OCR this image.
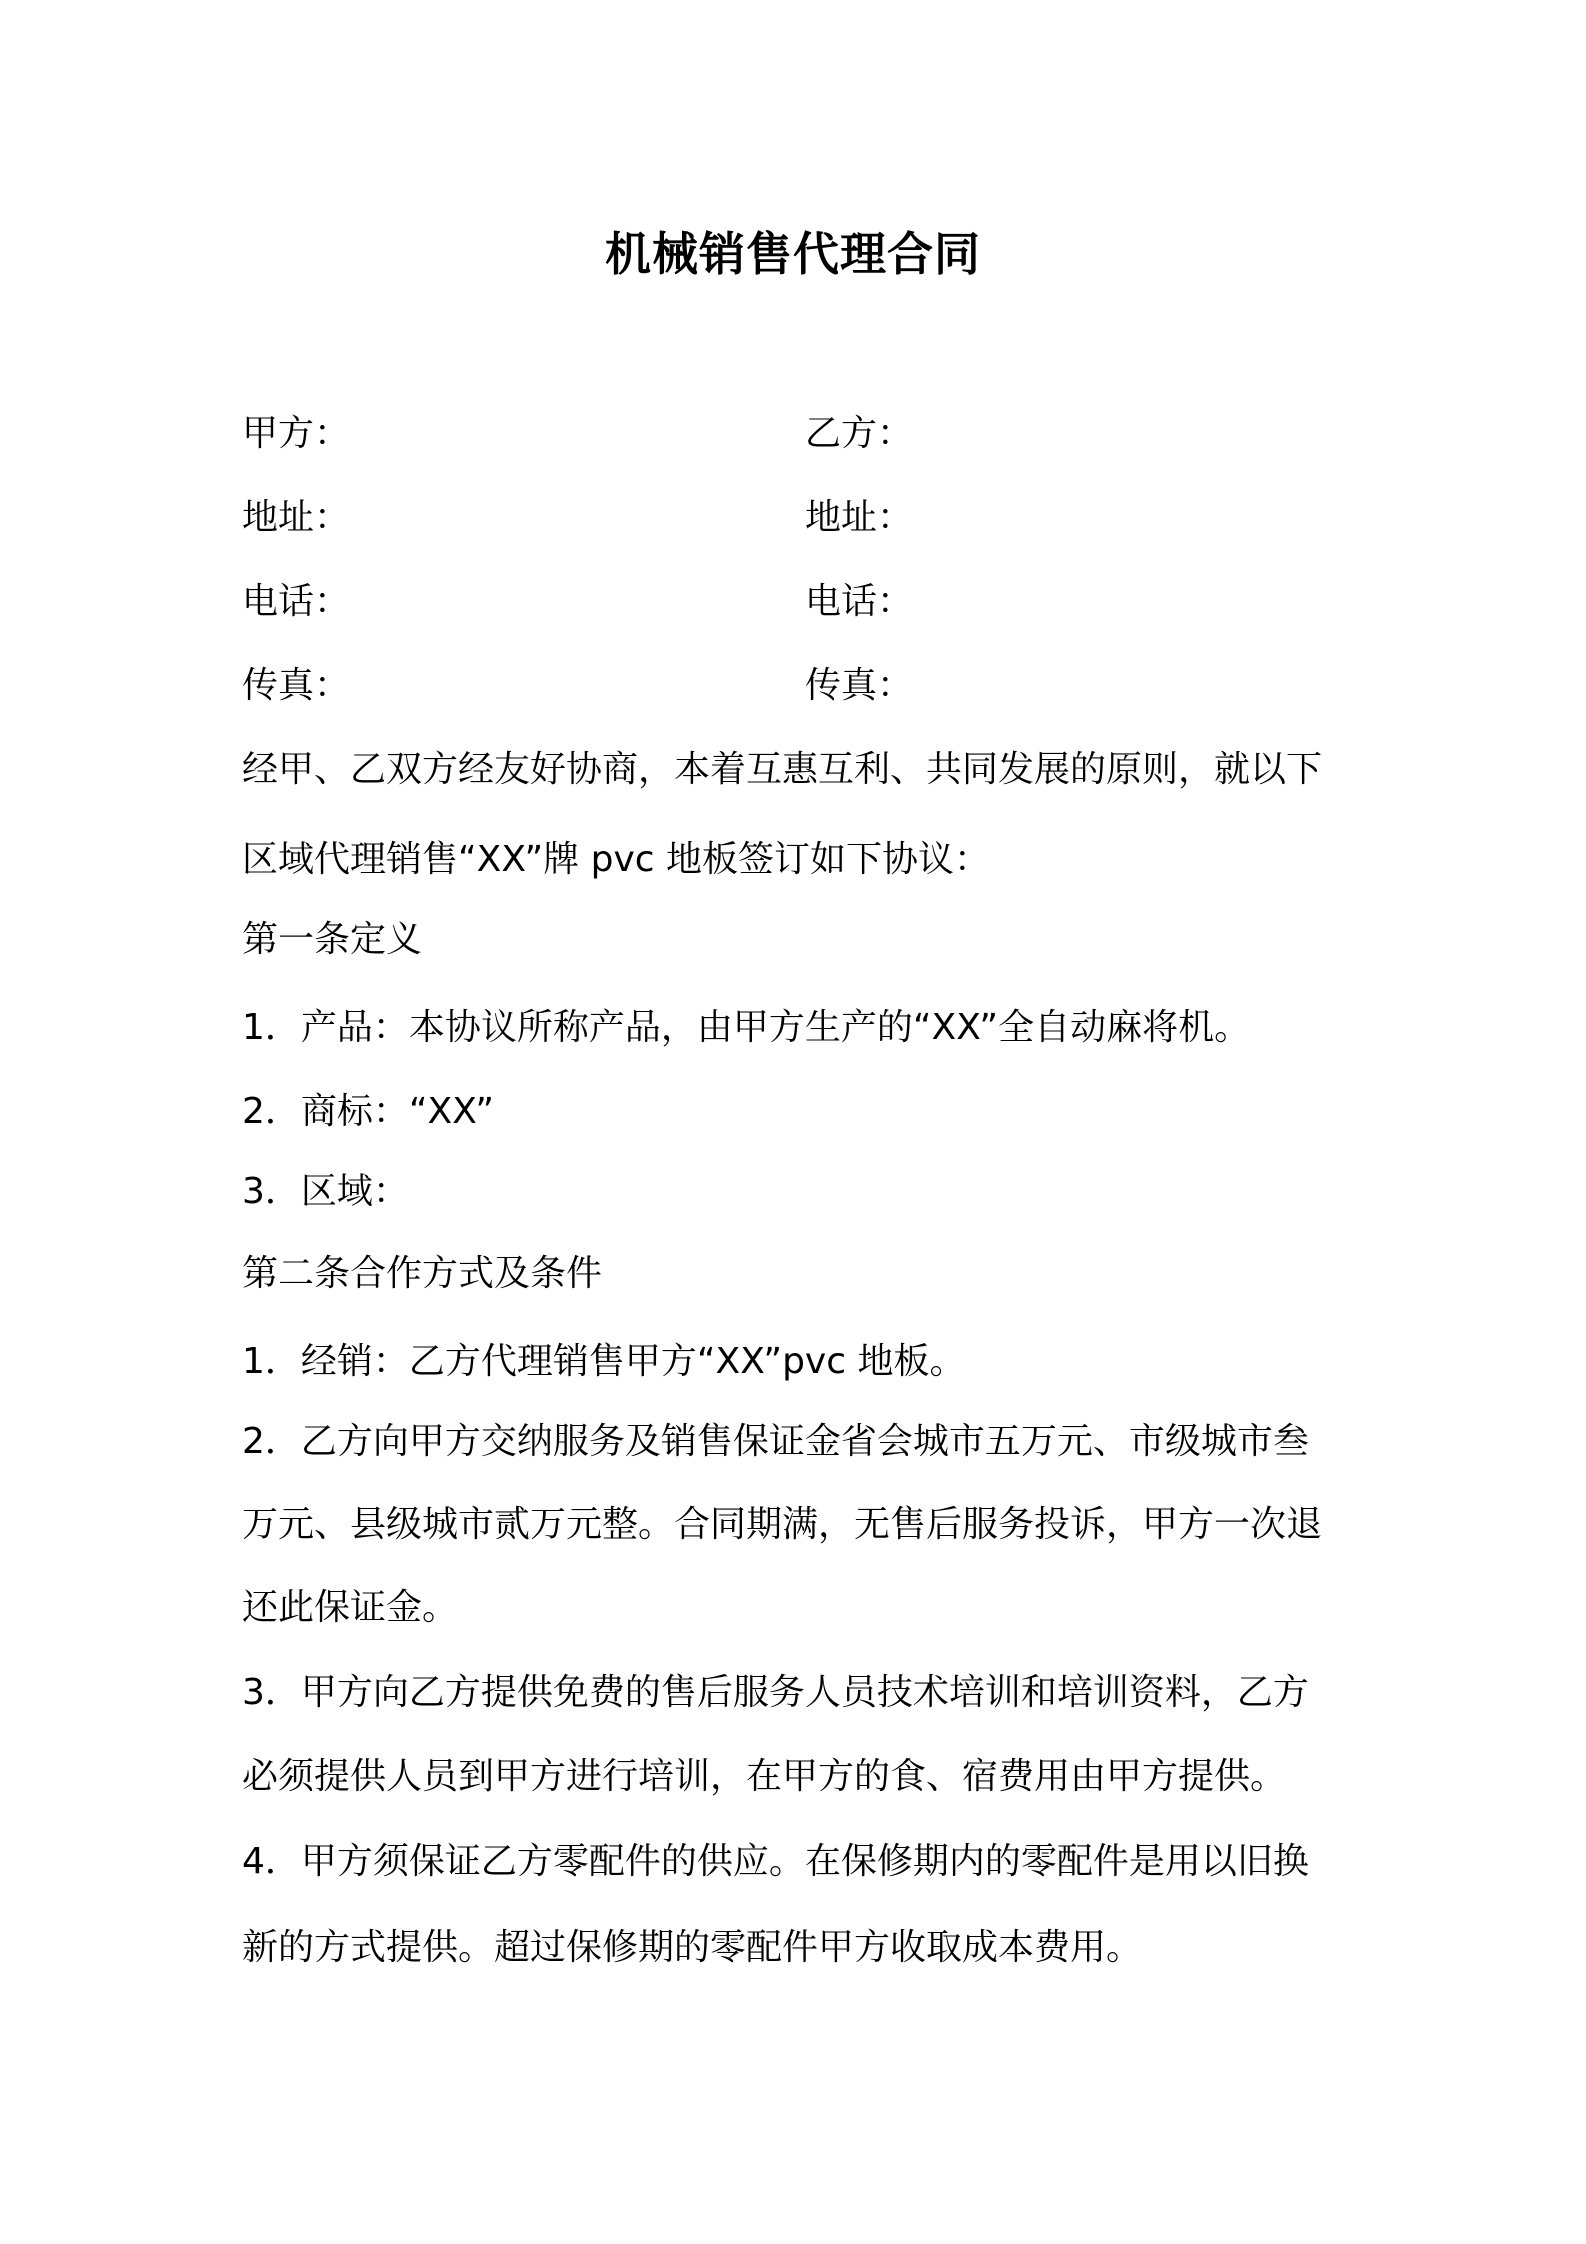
机械销售代理合同
甲方：
地址：
电话：
传真：
乙方：
地址：
电话：
传真：
经甲、乙双方经友好协商，本着互惠互利、共同发展的原则，就以下
区域代理销售“XX”牌 pvc 地板签订如下协议：
第一条定义
1．产品：本协议所称产品，由甲方生产的“XX”全自动麻将机。
2．商标：“XX”
3．区域：
第二条合作方式及条件
1．经销：乙方代理销售甲方“XX”pvc 地板。
2．乙方向甲方交纳服务及销售保证金省会城市五万元、市级城市叁
万元、县级城市贰万元整。合同期满，无售后服务投诉，甲方一次退
还此保证金。
3．甲方向乙方提供免费的售后服务人员技术培训和培训资料，乙方
必须提供人员到甲方进行培训，在甲方的食、宿费用由甲方提供。
4．甲方须保证乙方零配件的供应。在保修期内的零配件是用以旧换
新的方式提供。超过保修期的零配件甲方收取成本费用。
